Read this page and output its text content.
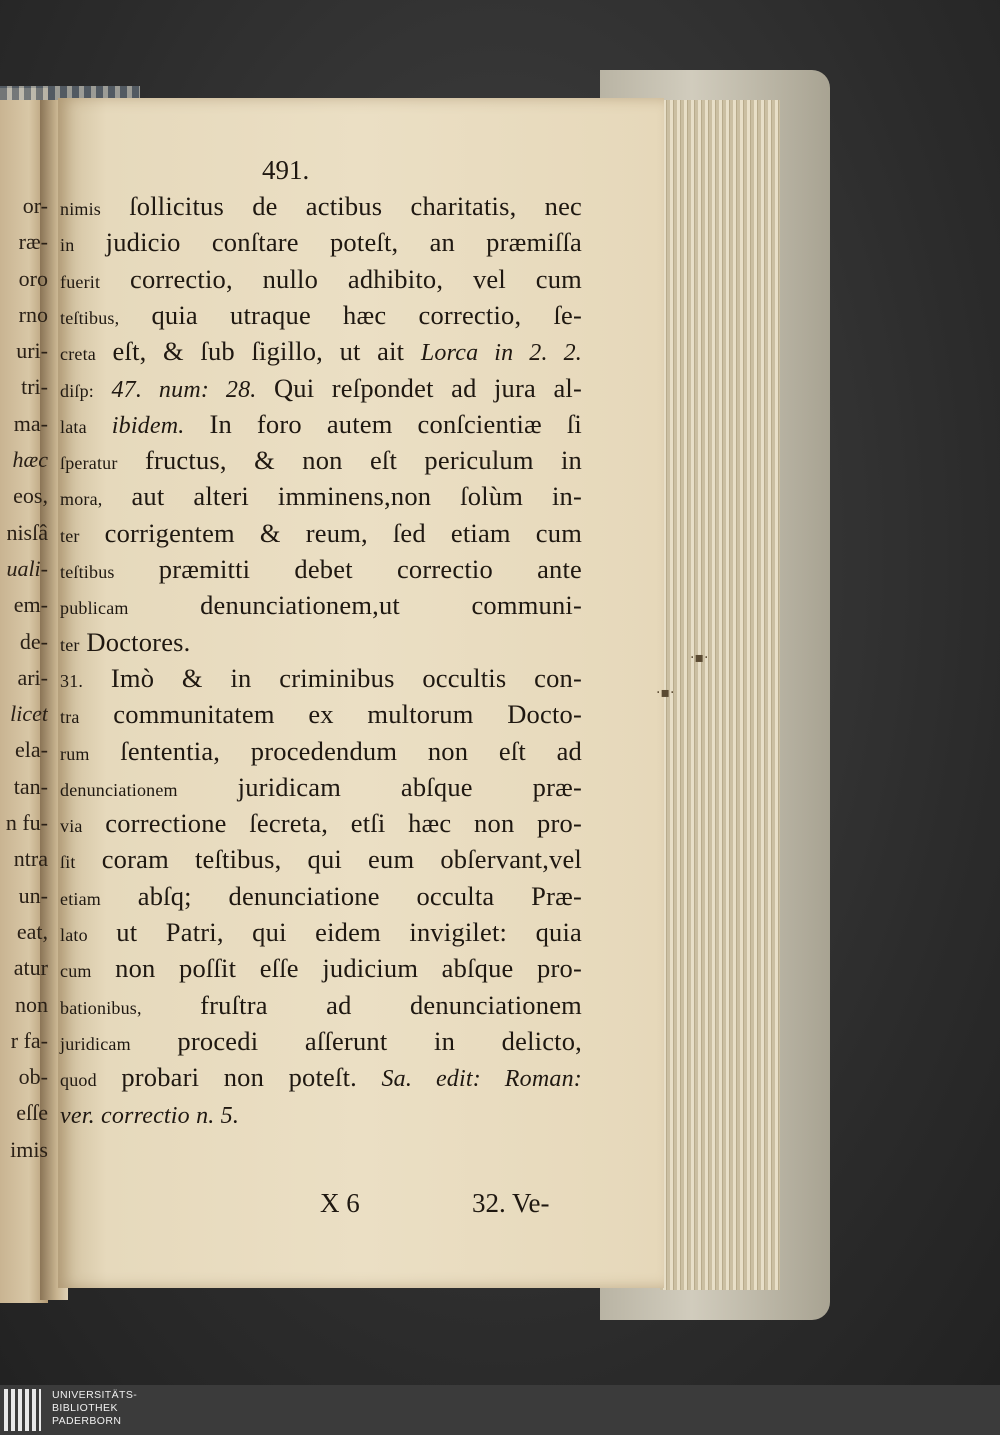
·▪·
·▪·
or-
ræ-
oro
rno
uri-
tri-
ma-
hæc
eos,
nisſâ
uali-
em-
de-
ari-
licet
ela-
tan-
n fu-
ntra
un-
eat,
atur
non
r fa-
ob-
eſſe
imis
491.
nimis ſollicitus de actibus charitatis, nec
in judicio conſtare poteſt, an præmiſſa
fuerit correctio, nullo adhibito, vel cum
teſtibus, quia utraque hæc correctio, ſe-
creta eſt, & ſub ſigillo, ut ait Lorca in 2. 2.
diſp: 47. num: 28. Qui reſpondet ad jura al-
lata ibidem. In foro autem conſcientiæ ſi
ſperatur fructus, & non eſt periculum in
mora, aut alteri imminens,non ſolùm in-
ter corrigentem & reum, ſed etiam cum
teſtibus præmitti debet correctio ante
publicam	denunciationem,ut communi-
ter Doctores.
31. Imò & in criminibus occultis con-
tra communitatem ex multorum Docto-
rum ſententia, procedendum non eſt ad
denunciationem juridicam abſque præ-
via correctione ſecreta, etſi hæc non pro-
ſit coram teſtibus, qui eum obſervant,vel
etiam abſq; denunciatione occulta Præ-
lato ut Patri, qui eidem invigilet: quia
cum non poſſit eſſe judicium abſque pro-
bationibus, fruſtra ad denunciationem
juridicam procedi aſſerunt in delicto,
quod probari non poteſt. Sa. edit: Roman:
ver. correctio n. 5.
X 6	32. Ve-
UNIVERSITÄTS-
BIBLIOTHEK
PADERBORN
